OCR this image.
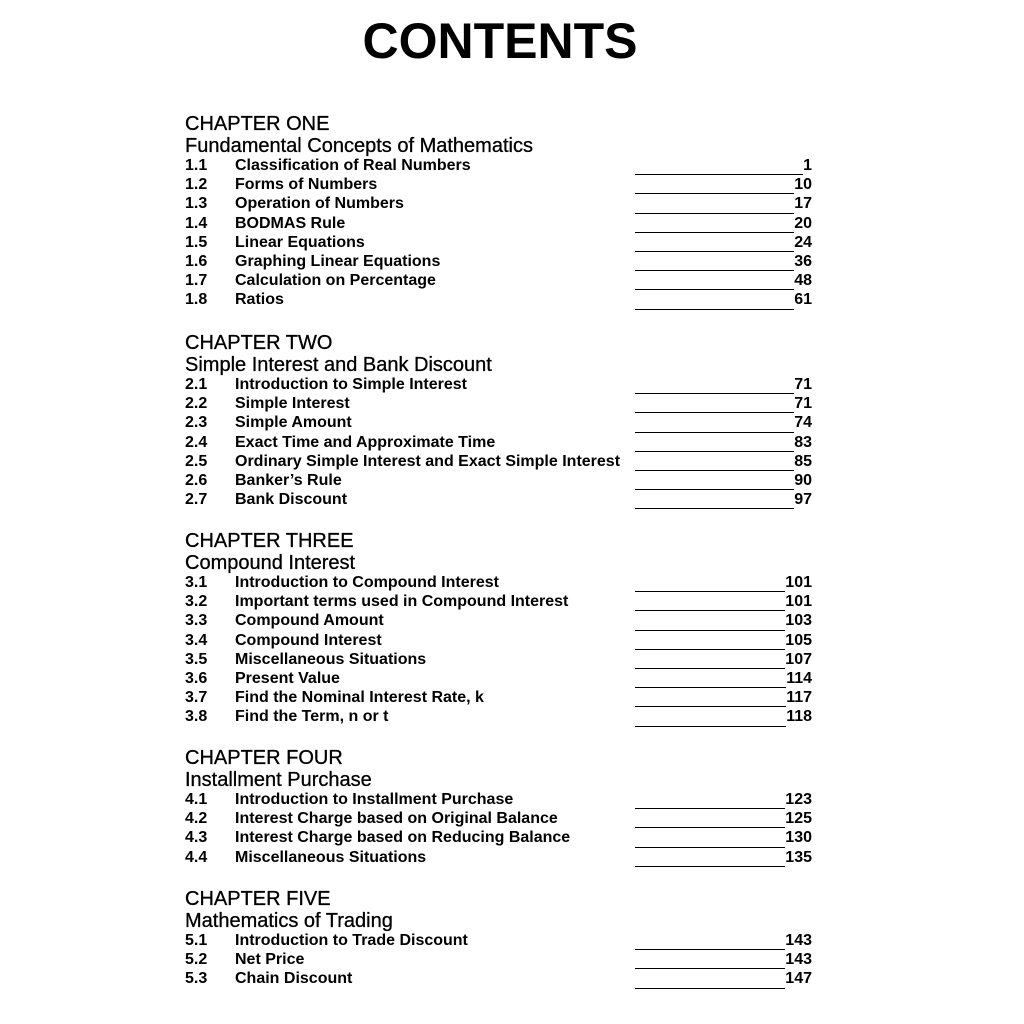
CONTENTS
CHAPTER ONE
Fundamental Concepts of Mathematics
1.1 Classification of Real Numbers	1
1.2 Forms of Numbers	10
1.3 Operation of Numbers	17
1.4 BODMAS Rule	20
1.5 Linear Equations	24
1.6 Graphing Linear Equations	36
1.7 Calculation on Percentage	48
1.8 Ratios	61
CHAPTER TWO
Simple Interest and Bank Discount
2.1 Introduction to Simple Interest	71
2.2 Simple Interest	71
2.3 Simple Amount	74
2.4 Exact Time and Approximate Time	83
2.5 Ordinary Simple Interest and Exact Simple Interest	85
2.6 Banker’s Rule	90
2.7 Bank Discount	97
CHAPTER THREE
Compound Interest
3.1 Introduction to Compound Interest	101
3.2 Important terms used in Compound Interest	101
3.3 Compound Amount	103
3.4 Compound Interest	105
3.5 Miscellaneous Situations	107
3.6 Present Value	114
3.7 Find the Nominal Interest Rate, k	117
3.8 Find the Term, n or t	118
CHAPTER FOUR
Installment Purchase
4.1 Introduction to Installment Purchase	123
4.2 Interest Charge based on Original Balance	125
4.3 Interest Charge based on Reducing Balance	130
4.4 Miscellaneous Situations	135
CHAPTER FIVE
Mathematics of Trading
5.1 Introduction to Trade Discount	143
5.2 Net Price	143
5.3 Chain Discount	147
